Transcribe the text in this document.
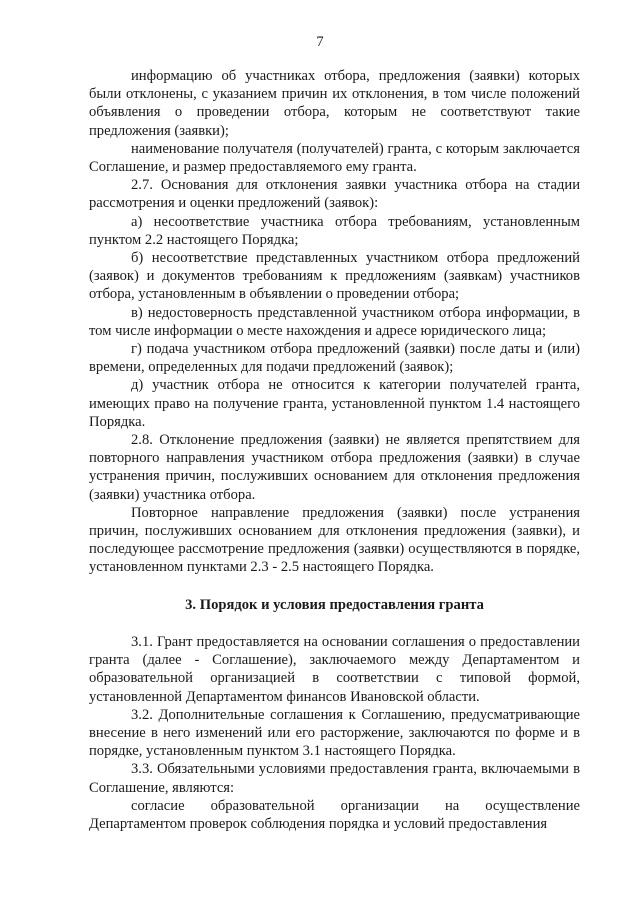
7

информацию об участниках отбора, предложения (заявки) которых были отклонены, с указанием причин их отклонения, в том числе положений объявления о проведении отбора, которым не соответствуют такие предложения (заявки);

наименование получателя (получателей) гранта, с которым заключается Соглашение, и размер предоставляемого ему гранта.

2.7. Основания для отклонения заявки участника отбора на стадии рассмотрения и оценки предложений (заявок):

а) несоответствие участника отбора требованиям, установленным пунктом 2.2 настоящего Порядка;

б) несоответствие представленных участником отбора предложений (заявок) и документов требованиям к предложениям (заявкам) участников отбора, установленным в объявлении о проведении отбора;

в) недостоверность представленной участником отбора информации, в том числе информации о месте нахождения и адресе юридического лица;

г) подача участником отбора предложений (заявки) после даты и (или) времени, определенных для подачи предложений (заявок);

д) участник отбора не относится к категории получателей гранта, имеющих право на получение гранта, установленной пунктом 1.4 настоящего Порядка.

2.8. Отклонение предложения (заявки) не является препятствием для повторного направления участником отбора предложения (заявки) в случае устранения причин, послуживших основанием для отклонения предложения (заявки) участника отбора.

Повторное направление предложения (заявки) после устранения причин, послуживших основанием для отклонения предложения (заявки), и последующее рассмотрение предложения (заявки) осуществляются в порядке, установленном пунктами 2.3 - 2.5 настоящего Порядка.

3. Порядок и условия предоставления гранта

3.1. Грант предоставляется на основании соглашения о предоставлении гранта (далее - Соглашение), заключаемого между Департаментом и образовательной организацией в соответствии с типовой формой, установленной Департаментом финансов Ивановской области.

3.2. Дополнительные соглашения к Соглашению, предусматривающие внесение в него изменений или его расторжение, заключаются по форме и в порядке, установленным пунктом 3.1 настоящего Порядка.

3.3. Обязательными условиями предоставления гранта, включаемыми в Соглашение, являются:

согласие образовательной организации на осуществление Департаментом проверок соблюдения порядка и условий предоставления
